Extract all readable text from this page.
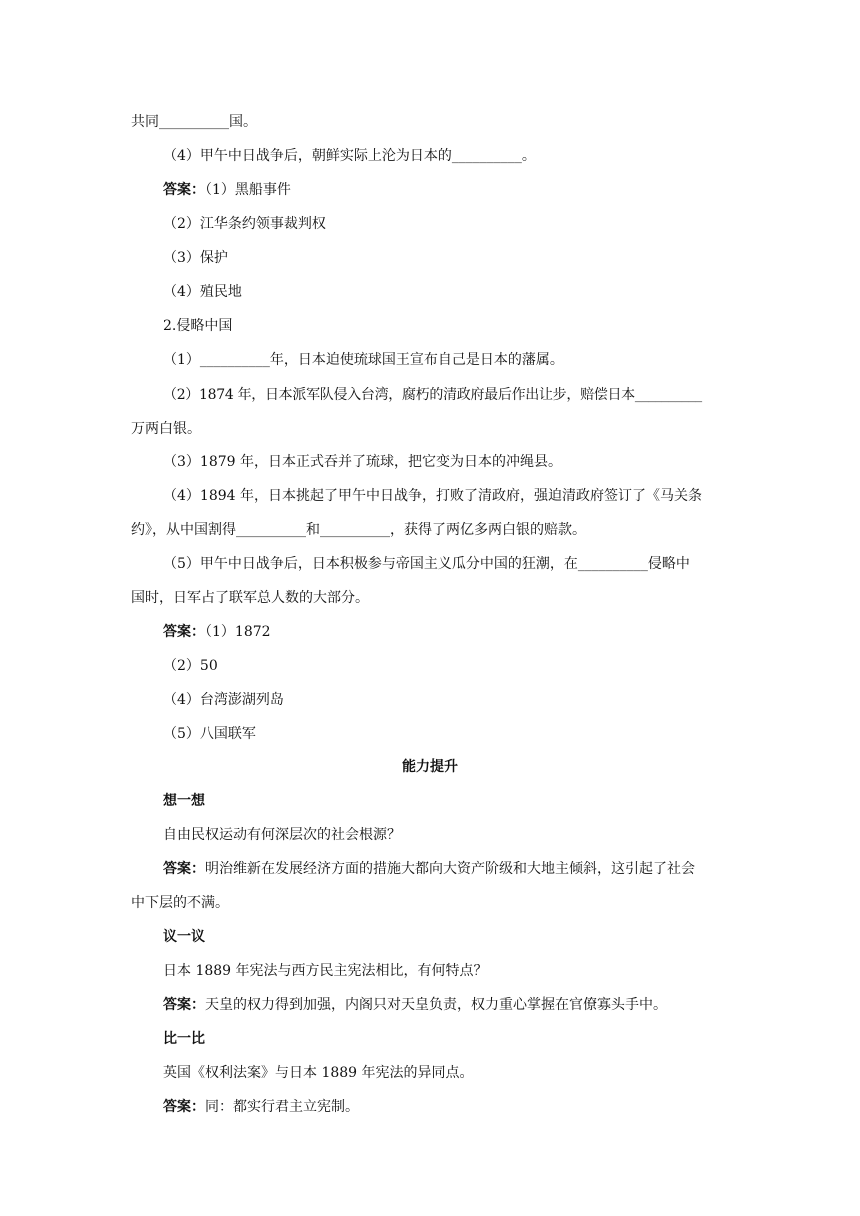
共同__________国。
（4）甲午中日战争后，朝鲜实际上沦为日本的__________。
答案：（1）黑船事件
（2）江华条约领事裁判权
（3）保护
（4）殖民地
2.侵略中国
（1）__________年，日本迫使琉球国王宣布自己是日本的藩属。
（2）1874 年，日本派军队侵入台湾，腐朽的清政府最后作出让步，赔偿日本__________
万两白银。
（3）1879 年，日本正式吞并了琉球，把它变为日本的冲绳县。
（4）1894 年，日本挑起了甲午中日战争，打败了清政府，强迫清政府签订了《马关条
约》，从中国割得__________和__________，获得了两亿多两白银的赔款。
（5）甲午中日战争后，日本积极参与帝国主义瓜分中国的狂潮，在__________侵略中
国时，日军占了联军总人数的大部分。
答案：（1）1872
（2）50
（4）台湾澎湖列岛
（5）八国联军
能力提升
想一想
自由民权运动有何深层次的社会根源？
答案：明治维新在发展经济方面的措施大都向大资产阶级和大地主倾斜，这引起了社会
中下层的不满。
议一议
日本 1889 年宪法与西方民主宪法相比，有何特点？
答案：天皇的权力得到加强，内阁只对天皇负责，权力重心掌握在官僚寡头手中。
比一比
英国《权利法案》与日本 1889 年宪法的异同点。
答案：同：都实行君主立宪制。
